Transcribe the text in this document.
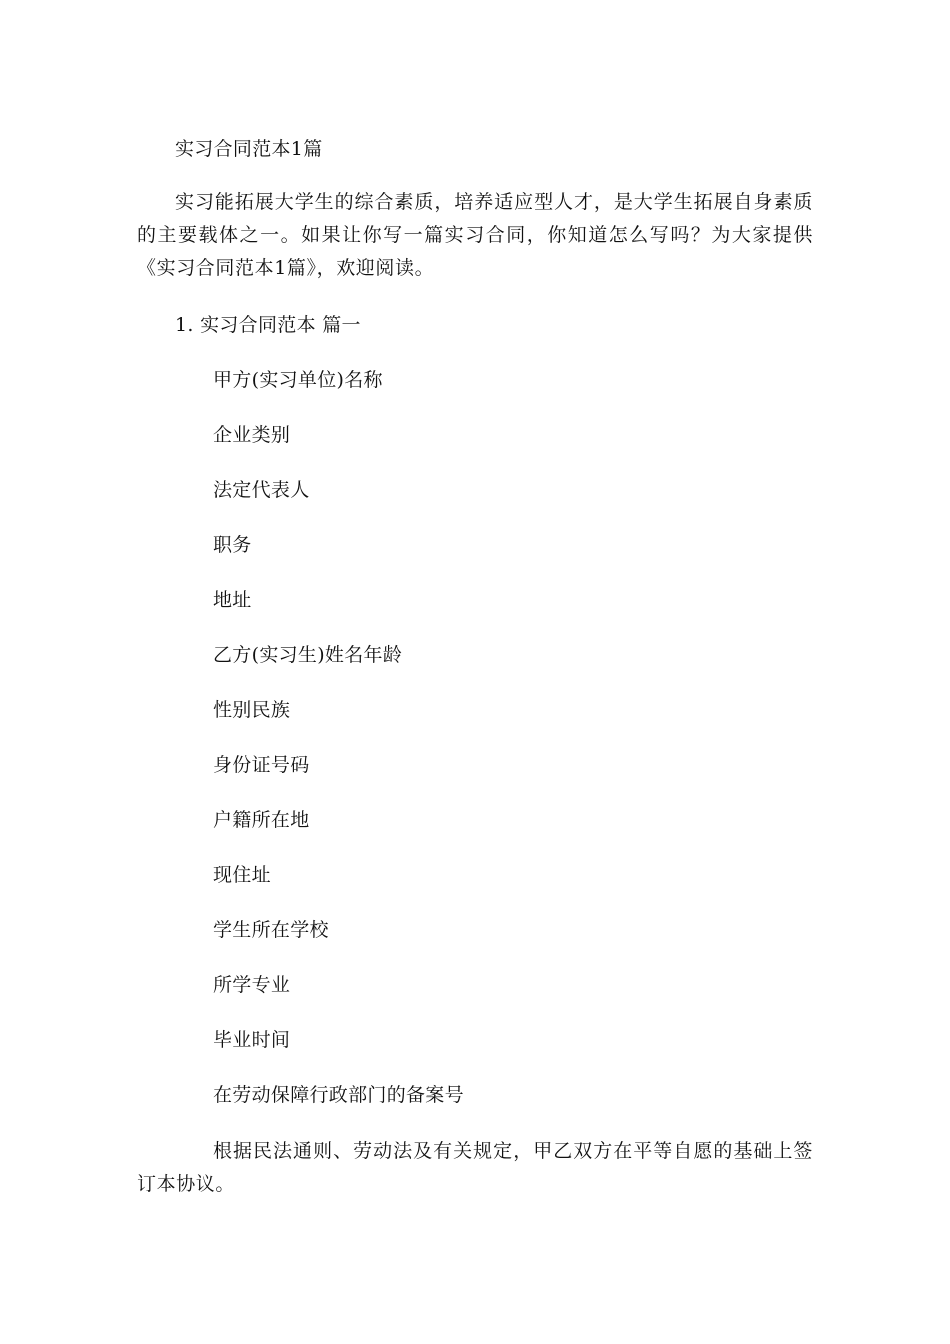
实习合同范本1篇
实习能拓展大学生的综合素质，培养适应型人才，是大学生拓展自身素质的主要载体之一。如果让你写一篇实习合同，你知道怎么写吗？为大家提供《实习合同范本1篇》，欢迎阅读。
1. 实习合同范本 篇一
甲方(实习单位)名称
企业类别
法定代表人
职务
地址
乙方(实习生)姓名年龄
性别民族
身份证号码
户籍所在地
现住址
学生所在学校
所学专业
毕业时间
在劳动保障行政部门的备案号
根据民法通则、劳动法及有关规定，甲乙双方在平等自愿的基础上签订本协议。
